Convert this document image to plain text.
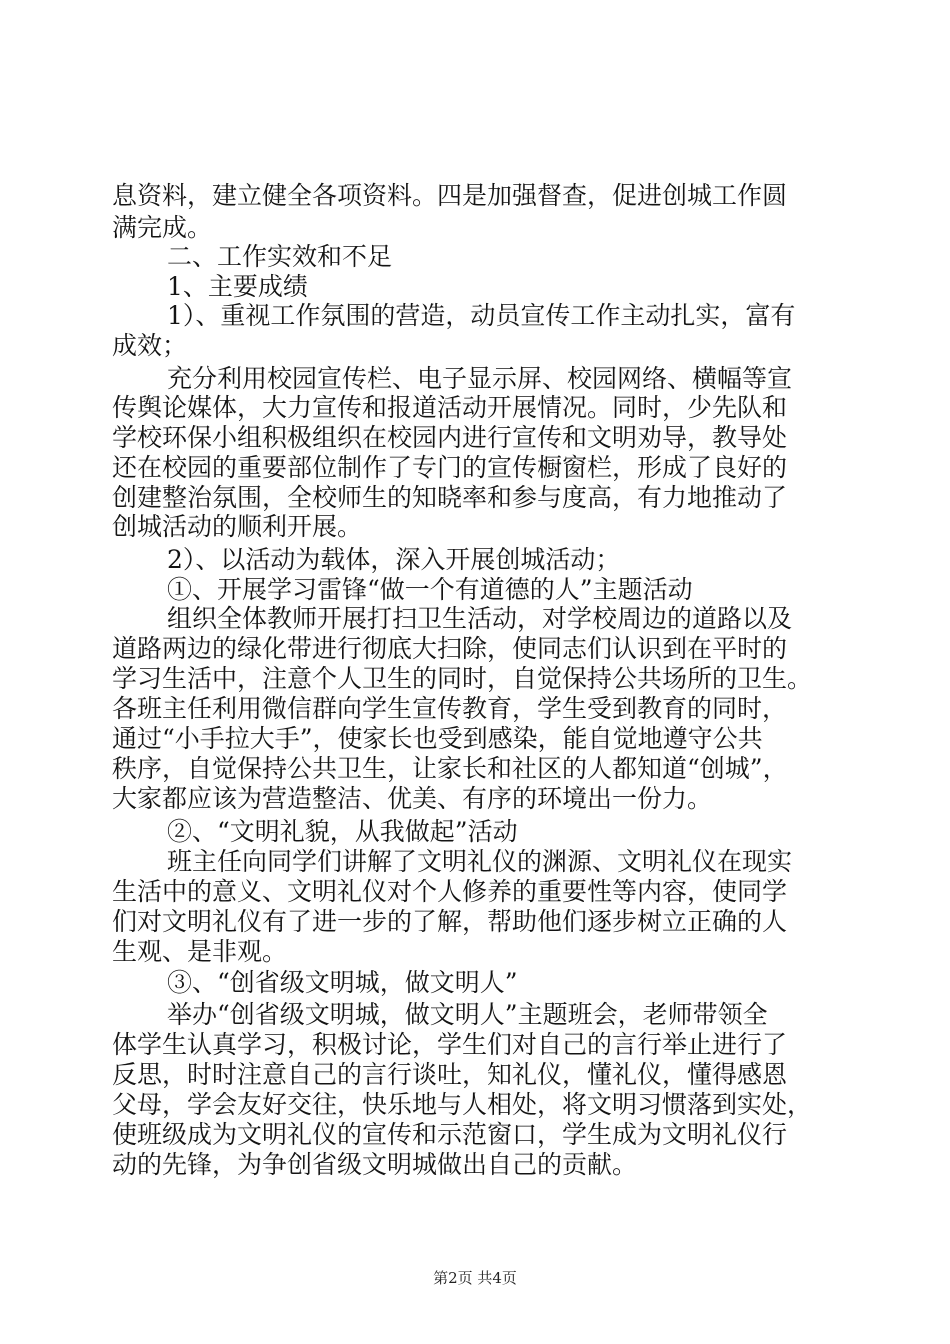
息资料，建立健全各项资料。四是加强督查，促进创城工作圆
满完成。
二、工作实效和不足
1、主要成绩
1）、重视工作氛围的营造，动员宣传工作主动扎实，富有
成效；
充分利用校园宣传栏、电子显示屏、校园网络、横幅等宣
传舆论媒体，大力宣传和报道活动开展情况。同时，少先队和
学校环保小组积极组织在校园内进行宣传和文明劝导，教导处
还在校园的重要部位制作了专门的宣传橱窗栏，形成了良好的
创建整治氛围，全校师生的知晓率和参与度高，有力地推动了
创城活动的顺利开展。
2）、以活动为载体，深入开展创城活动；
①、开展学习雷锋“做一个有道德的人”主题活动
组织全体教师开展打扫卫生活动，对学校周边的道路以及
道路两边的绿化带进行彻底大扫除，使同志们认识到在平时的
学习生活中，注意个人卫生的同时，自觉保持公共场所的卫生。
各班主任利用微信群向学生宣传教育，学生受到教育的同时，
通过“小手拉大手”，使家长也受到感染，能自觉地遵守公共
秩序，自觉保持公共卫生，让家长和社区的人都知道“创城”，
大家都应该为营造整洁、优美、有序的环境出一份力。
②、“文明礼貌，从我做起”活动
班主任向同学们讲解了文明礼仪的渊源、文明礼仪在现实
生活中的意义、文明礼仪对个人修养的重要性等内容，使同学
们对文明礼仪有了进一步的了解，帮助他们逐步树立正确的人
生观、是非观。
③、“创省级文明城，做文明人”
举办“创省级文明城，做文明人”主题班会，老师带领全
体学生认真学习，积极讨论，学生们对自己的言行举止进行了
反思，时时注意自己的言行谈吐，知礼仪，懂礼仪，懂得感恩
父母，学会友好交往，快乐地与人相处，将文明习惯落到实处，
使班级成为文明礼仪的宣传和示范窗口，学生成为文明礼仪行
动的先锋，为争创省级文明城做出自己的贡献。
第2页 共4页
